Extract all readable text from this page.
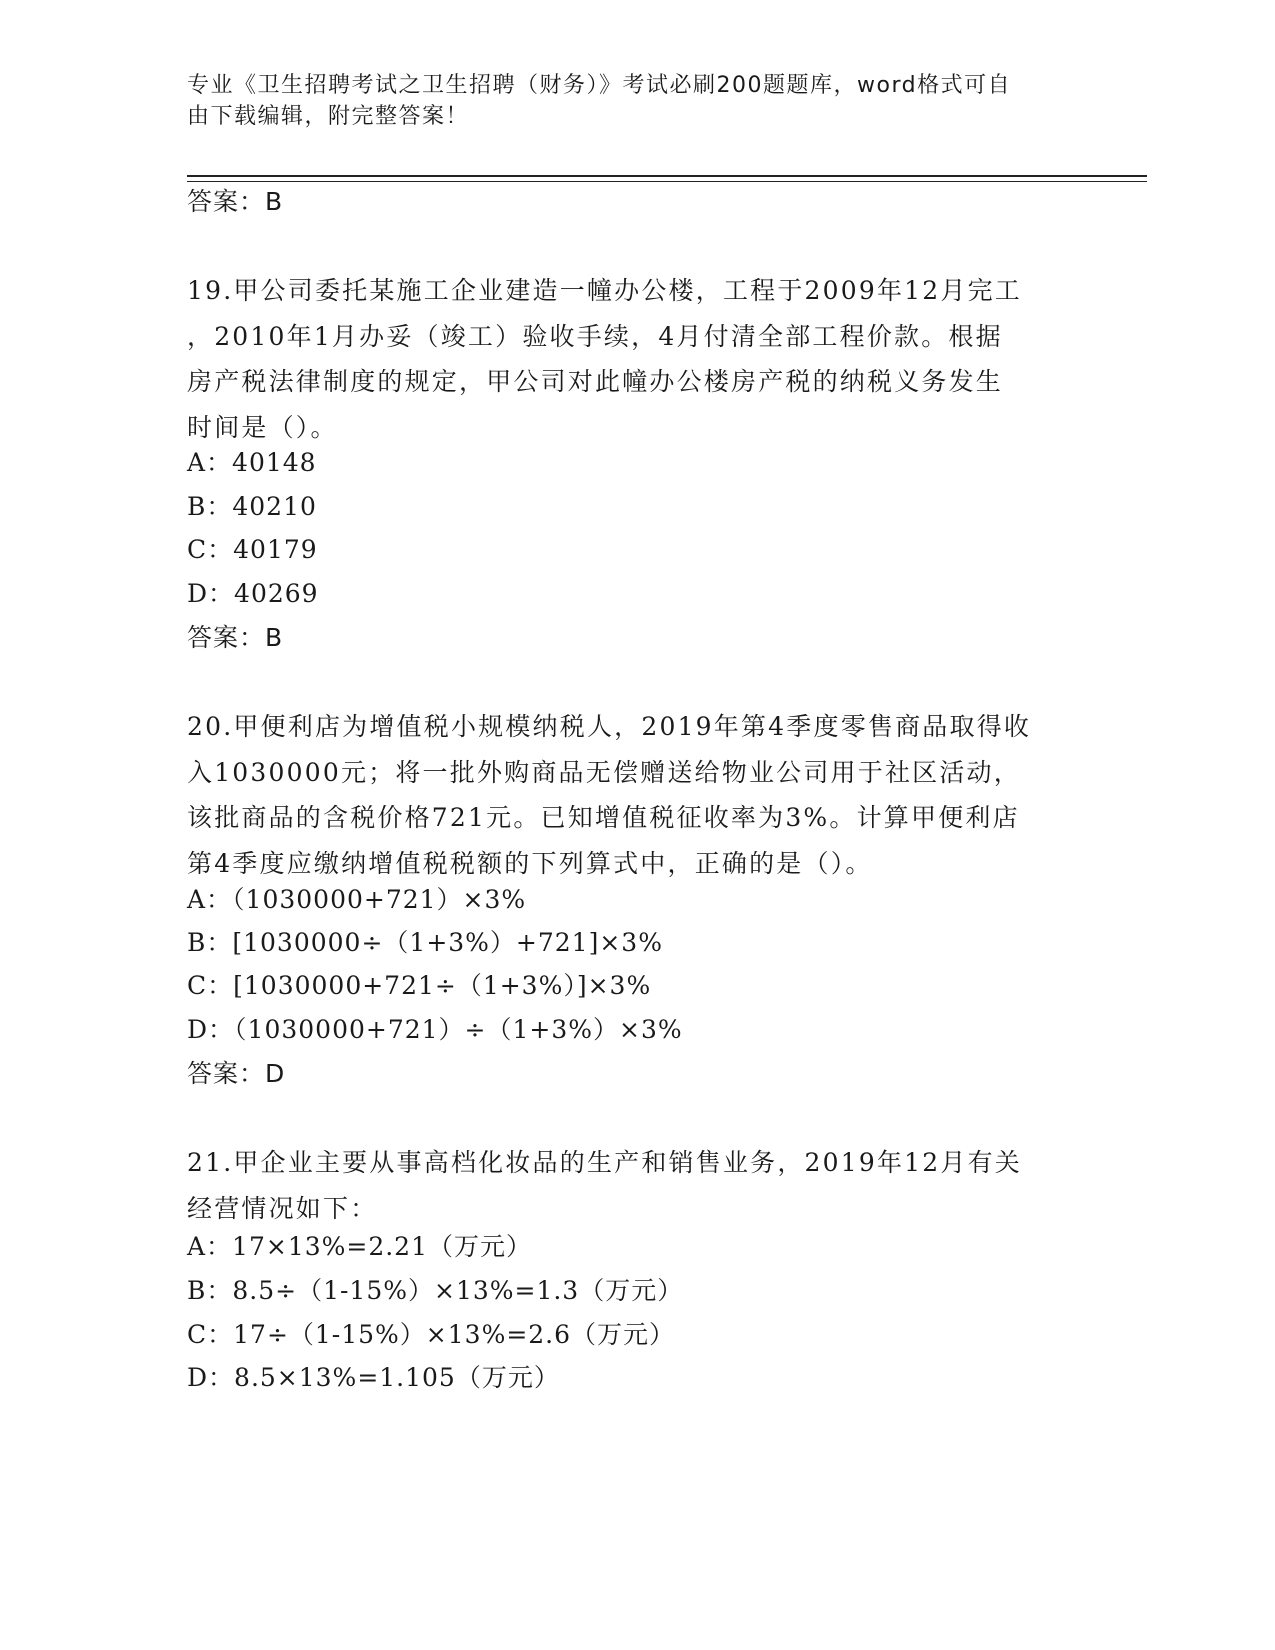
专业《卫生招聘考试之卫生招聘（财务）》考试必刷200题题库，word格式可自
由下载编辑，附完整答案！
答案：B
19.甲公司委托某施工企业建造一幢办公楼，工程于2009年12月完工
，2010年1月办妥（竣工）验收手续，4月付清全部工程价款。根据
房产税法律制度的规定，甲公司对此幢办公楼房产税的纳税义务发生
时间是（）。
A：40148
B：40210
C：40179
D：40269
答案：B
20.甲便利店为增值税小规模纳税人，2019年第4季度零售商品取得收
入1030000元；将一批外购商品无偿赠送给物业公司用于社区活动，
该批商品的含税价格721元。已知增值税征收率为3%。计算甲便利店
第4季度应缴纳增值税税额的下列算式中，正确的是（）。
A：（1030000+721）×3%
B：[1030000÷（1+3%）+721]×3%
C：[1030000+721÷（1+3%）]×3%
D：（1030000+721）÷（1+3%）×3%
答案：D
21.甲企业主要从事高档化妆品的生产和销售业务，2019年12月有关
经营情况如下：
A：17×13%=2.21（万元）
B：8.5÷（1-15%）×13%=1.3（万元）
C：17÷（1-15%）×13%=2.6（万元）
D：8.5×13%=1.105（万元）
